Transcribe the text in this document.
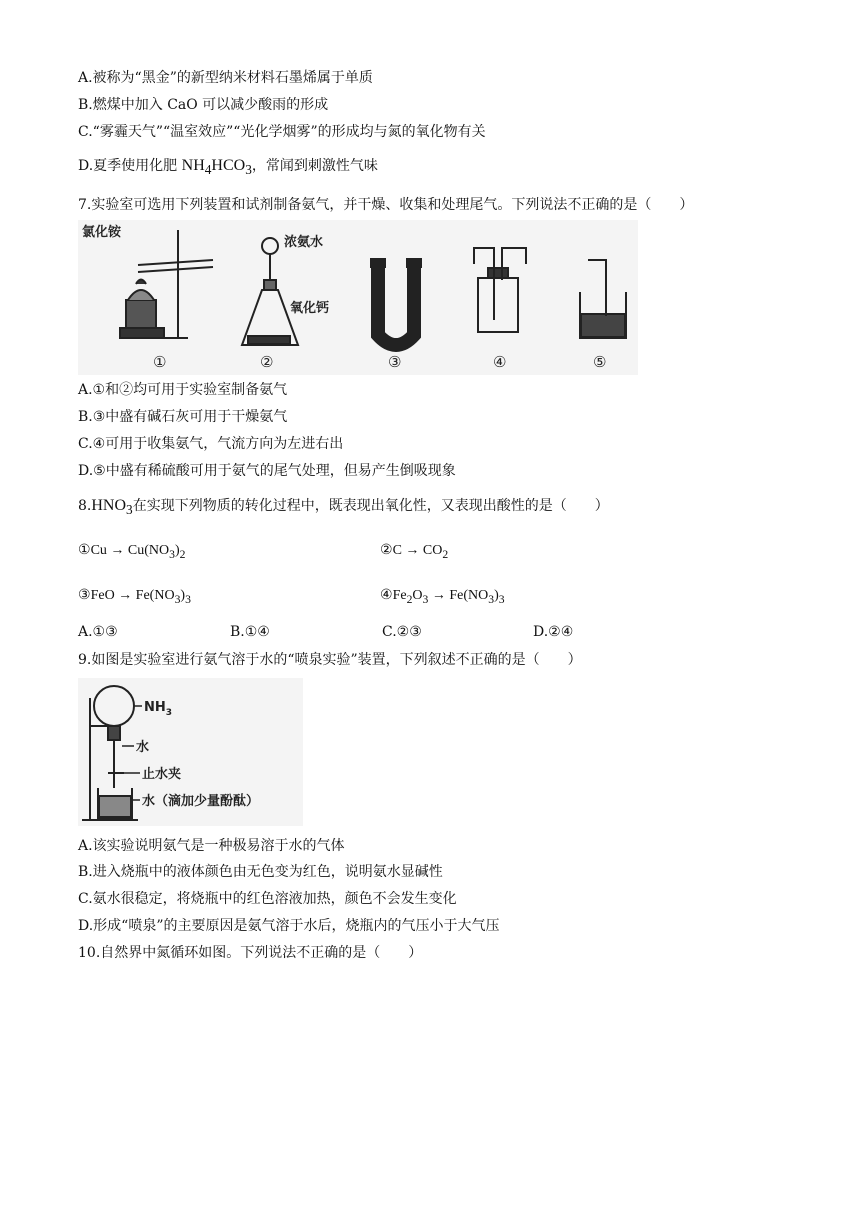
A.被称为“黑金”的新型纳米材料石墨烯属于单质
B.燃煤中加入 CaO 可以减少酸雨的形成
C.“雾霾天气”“温室效应”“光化学烟雾”的形成均与氮的氧化物有关
D.夏季使用化肥 $NH_4HCO_3$，常闻到刺激性气味
7.实验室可选用下列装置和试剂制备氨气，并干燥、收集和处理尾气。下列说法不正确的是（　　）
氯化铵
①
浓氨水
氧化钙
②	③	④	⑤
A.①和②均可用于实验室制备氨气
B.③中盛有碱石灰可用于干燥氨气
C.④可用于收集氨气，气流方向为左进右出
D.⑤中盛有稀硫酸可用于氨气的尾气处理，但易产生倒吸现象
$8.HNO_3$在实现下列物质的转化过程中，既表现出氧化性，又表现出酸性的是（　　）
①Cu → $Cu(NO_3)_2$	②C → $CO_2$
③FeO → $Fe(NO_3)_3$	$④Fe_2O_3 \to Fe(NO_3)_3$
A.①③	B.①④	C.②③	D.②④
9.如图是实验室进行氨气溶于水的“喷泉实验”装置，下列叙述不正确的是（　　）
$NH_3$
水
止水夹
水（滴加少量酚酞）
A.该实验说明氨气是一种极易溶于水的气体
B.进入烧瓶中的液体颜色由无色变为红色，说明氨水显碱性
C.氨水很稳定，将烧瓶中的红色溶液加热，颜色不会发生变化
D.形成“喷泉”的主要原因是氨气溶于水后，烧瓶内的气压小于大气压
10.自然界中氮循环如图。下列说法不正确的是（　　）
